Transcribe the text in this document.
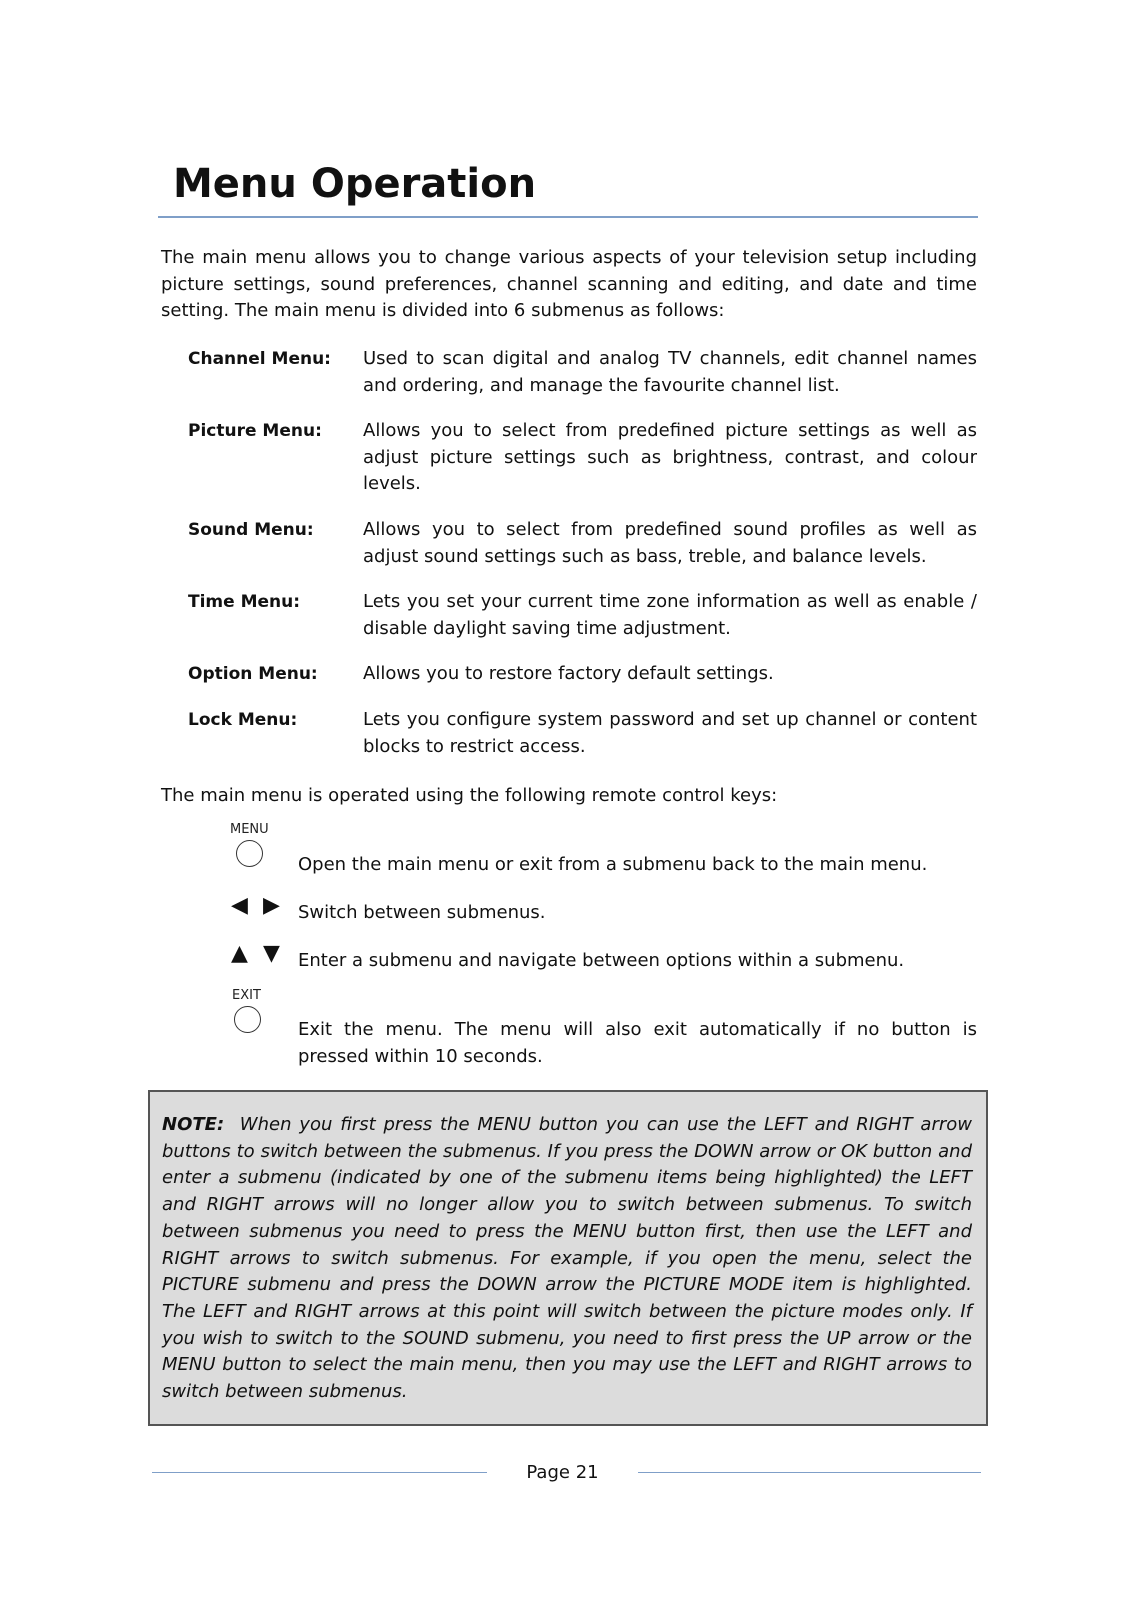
Menu Operation

The main menu allows you to change various aspects of your television setup including picture settings, sound preferences, channel scanning and editing, and date and time setting. The main menu is divided into 6 submenus as follows:

Channel Menu:	Used to scan digital and analog TV channels, edit channel names and ordering, and manage the favourite channel list.

Picture Menu:	Allows you to select from predefined picture settings as well as adjust picture settings such as brightness, contrast, and colour levels.

Sound Menu:	Allows you to select from predefined sound profiles as well as adjust sound settings such as bass, treble, and balance levels.

Time Menu:	Lets you set your current time zone information as well as enable / disable daylight saving time adjustment.

Option Menu:	Allows you to restore factory default settings.

Lock Menu:	Lets you configure system password and set up channel or content blocks to restrict access.

The main menu is operated using the following remote control keys:

MENU

Open the main menu or exit from a submenu back to the main menu.

◀ ▶ Switch between submenus.

▲ ▼ Enter a submenu and navigate between options within a submenu.

EXIT

Exit the menu. The menu will also exit automatically if no button is pressed within 10 seconds.

NOTE: When you first press the MENU button you can use the LEFT and RIGHT arrow buttons to switch between the submenus. If you press the DOWN arrow or OK button and enter a submenu (indicated by one of the submenu items being highlighted) the LEFT and RIGHT arrows will no longer allow you to switch between submenus. To switch between submenus you need to press the MENU button first, then use the LEFT and RIGHT arrows to switch submenus. For example, if you open the menu, select the PICTURE submenu and press the DOWN arrow the PICTURE MODE item is highlighted. The LEFT and RIGHT arrows at this point will switch between the picture modes only. If you wish to switch to the SOUND submenu, you need to first press the UP arrow or the MENU button to select the main menu, then you may use the LEFT and RIGHT arrows to switch between submenus.

Page 21
